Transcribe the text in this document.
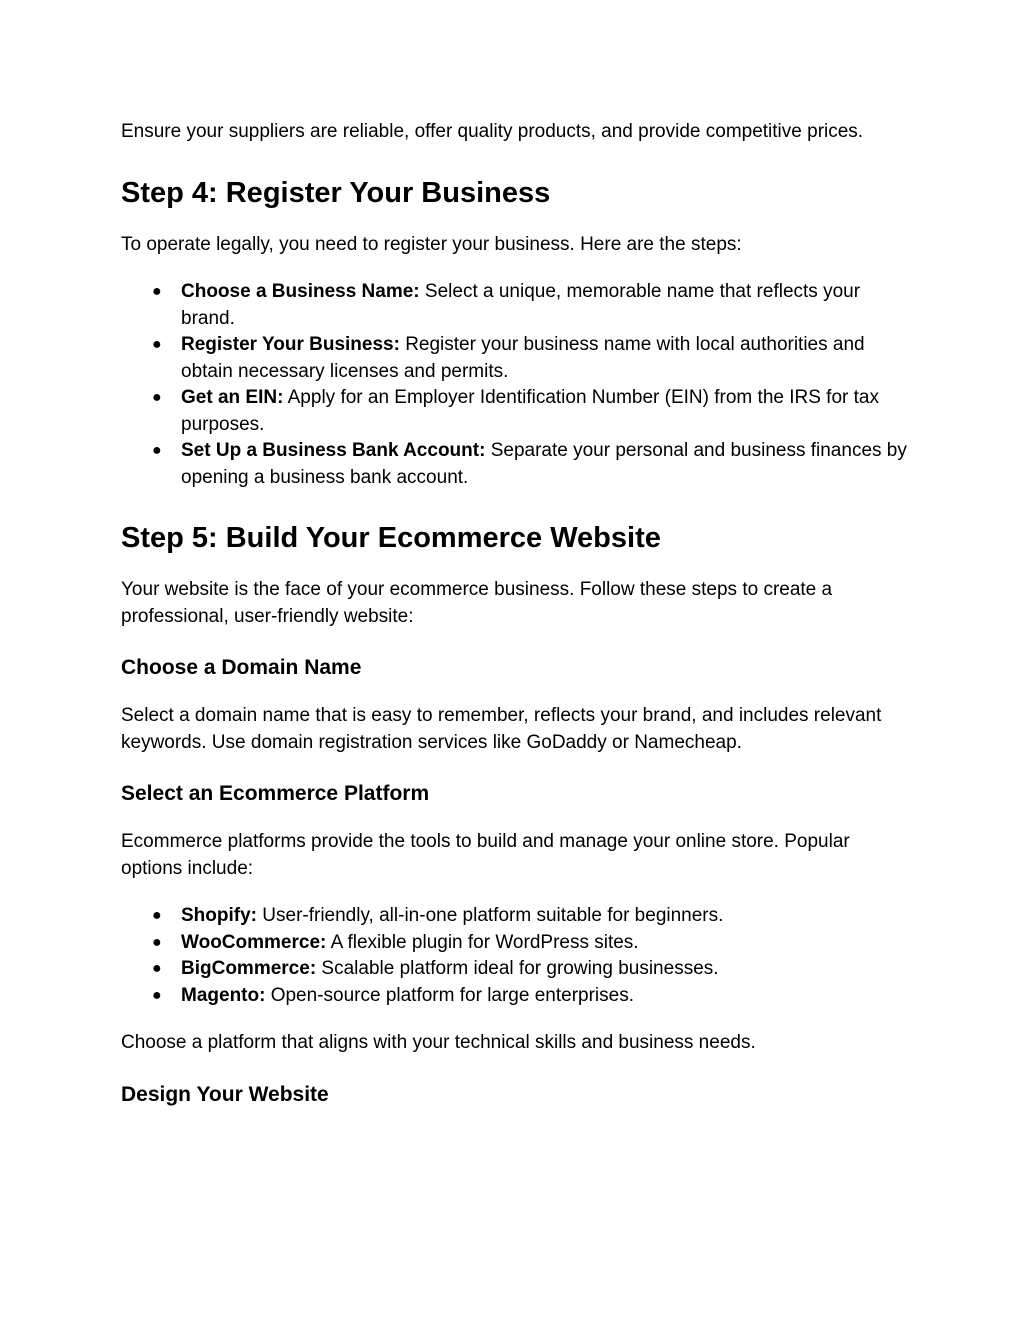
Ensure your suppliers are reliable, offer quality products, and provide competitive prices.

Step 4: Register Your Business

To operate legally, you need to register your business. Here are the steps:

● Choose a Business Name: Select a unique, memorable name that reflects your brand.
● Register Your Business: Register your business name with local authorities and obtain necessary licenses and permits.
● Get an EIN: Apply for an Employer Identification Number (EIN) from the IRS for tax purposes.
● Set Up a Business Bank Account: Separate your personal and business finances by opening a business bank account.
Step 5: Build Your Ecommerce Website

Your website is the face of your ecommerce business. Follow these steps to create a professional, user-friendly website:

Choose a Domain Name

Select a domain name that is easy to remember, reflects your brand, and includes relevant keywords. Use domain registration services like GoDaddy or Namecheap.

Select an Ecommerce Platform

Ecommerce platforms provide the tools to build and manage your online store. Popular options include:

● Shopify: User-friendly, all-in-one platform suitable for beginners.
● WooCommerce: A flexible plugin for WordPress sites.
● BigCommerce: Scalable platform ideal for growing businesses.
● Magento: Open-source platform for large enterprises.

Choose a platform that aligns with your technical skills and business needs.

Design Your Website
